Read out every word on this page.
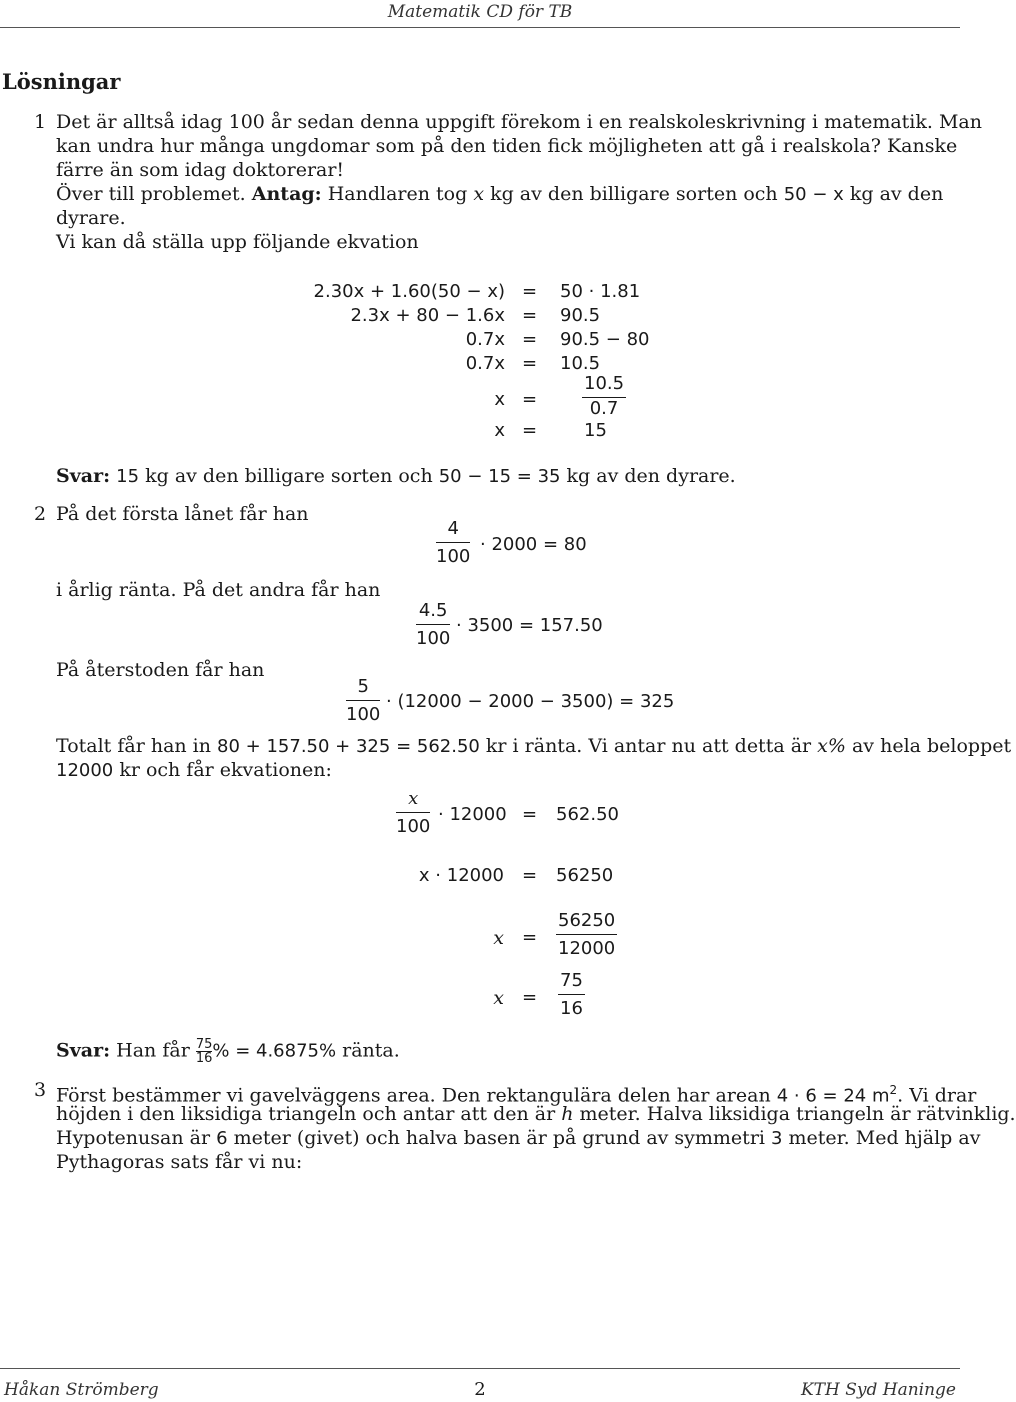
Matematik CD för TB
Lösningar
1 Det är alltså idag 100 år sedan denna uppgift förekom i en realskoleskrivning i matematik. Man
kan undra hur många ungdomar som på den tiden fick möjligheten att gå i realskola? Kanske
färre än som idag doktorerar!
Över till problemet. Antag: Handlaren tog x kg av den billigare sorten och 50 − x kg av den
dyrare.
Vi kan då ställa upp följande ekvation
2.30x + 1.60(50 − x) = 50 · 1.81
2.3x + 80 − 1.6x = 90.5
0.7x = 90.5 − 80
0.7x = 10.5
$x = \frac{10.5}{0.7}$
x =	15
Svar: 15 kg av den billigare sorten och 50 − 15 = 35 kg av den dyrare.
2 På det första lånet får han
$\frac{4}{100} \cdot 2000 = 80$
i årlig ränta. På det andra får han
$\frac{4.5}{100} \cdot 3500 = 157.50$
På återstoden får han
$\frac{5}{100} \cdot (12000 - 2000 - 3500) = 325$
Totalt får han in 80 + 157.50 + 325 = 562.50 kr i ränta. Vi antar nu att detta är x% av hela beloppet
12000 kr och får ekvationen:
$\frac{x}{100} \cdot 12000 = 562.50$
x · 12000 = 56250
$x = \frac{56250}{12000}$
$x = \frac{75}{16}$
Svar: Han får $\frac{75}{16}$ % = 4.6875% ränta.
3 Först bestämmer vi gavelväggens area. Den rektangulära delen har arean 4 · 6 = 24 $m^2$. Vi drar
höjden i den liksidiga triangeln och antar att den är h meter. Halva liksidiga triangeln är rätvinklig.
Hypotenusan är 6 meter (givet) och halva basen är på grund av symmetri 3 meter. Med hjälp av
Pythagoras sats får vi nu:
Håkan Strömberg	2	KTH Syd Haninge
